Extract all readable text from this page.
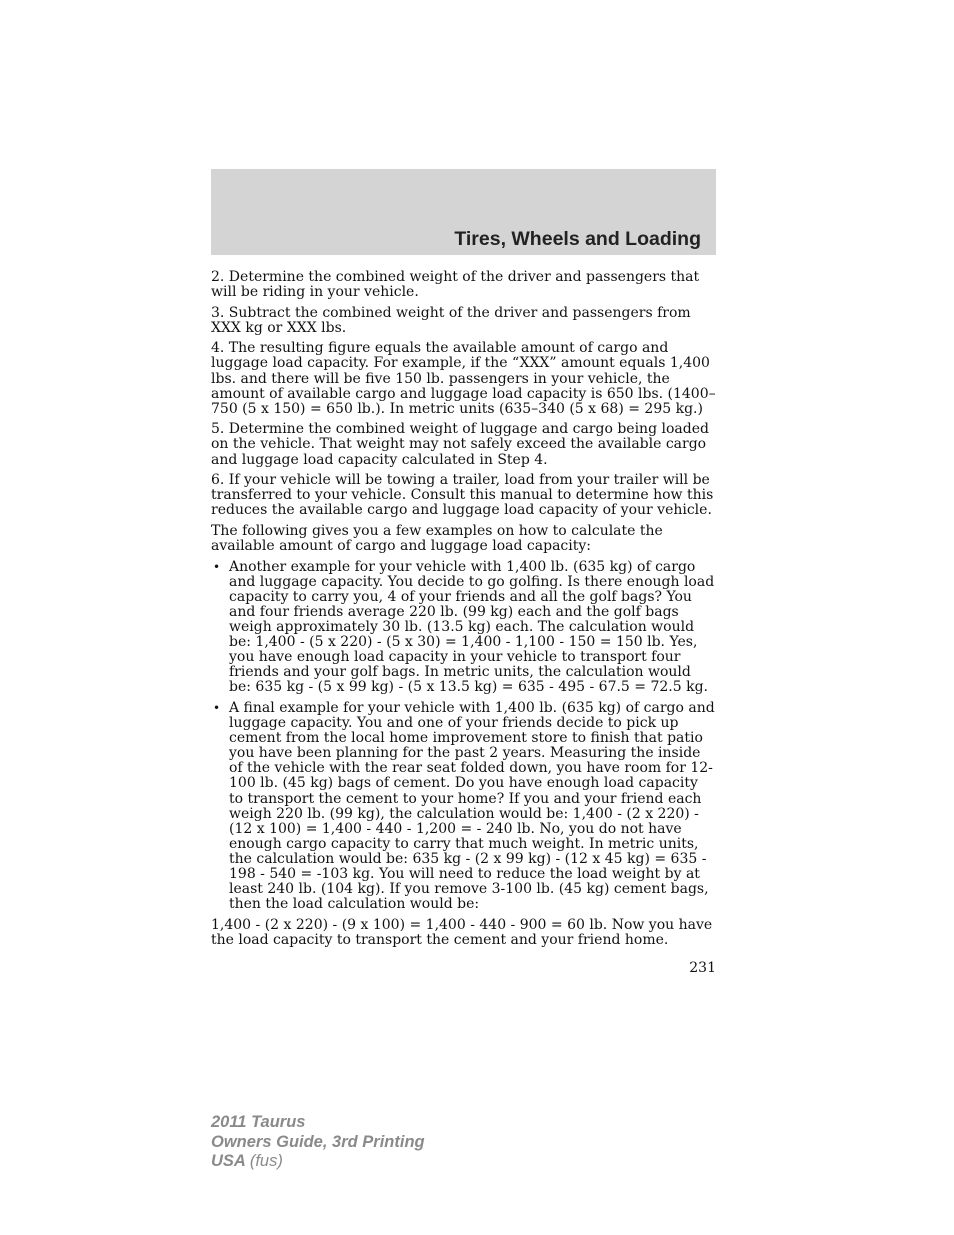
Tires, Wheels and Loading

2. Determine the combined weight of the driver and passengers that will be riding in your vehicle.

3. Subtract the combined weight of the driver and passengers from XXX kg or XXX lbs.

4. The resulting figure equals the available amount of cargo and luggage load capacity. For example, if the “XXX” amount equals 1,400 lbs. and there will be five 150 lb. passengers in your vehicle, the amount of available cargo and luggage load capacity is 650 lbs. (1400–750 (5 x 150) = 650 lb.). In metric units (635–340 (5 x 68) = 295 kg.)

5. Determine the combined weight of luggage and cargo being loaded on the vehicle. That weight may not safely exceed the available cargo and luggage load capacity calculated in Step 4.

6. If your vehicle will be towing a trailer, load from your trailer will be transferred to your vehicle. Consult this manual to determine how this reduces the available cargo and luggage load capacity of your vehicle.

The following gives you a few examples on how to calculate the available amount of cargo and luggage load capacity:

• Another example for your vehicle with 1,400 lb. (635 kg) of cargo and luggage capacity. You decide to go golfing. Is there enough load capacity to carry you, 4 of your friends and all the golf bags? You and four friends average 220 lb. (99 kg) each and the golf bags weigh approximately 30 lb. (13.5 kg) each. The calculation would be: 1,400 - (5 x 220) - (5 x 30) = 1,400 - 1,100 - 150 = 150 lb. Yes, you have enough load capacity in your vehicle to transport four friends and your golf bags. In metric units, the calculation would be: 635 kg - (5 x 99 kg) - (5 x 13.5 kg) = 635 - 495 - 67.5 = 72.5 kg.
• A final example for your vehicle with 1,400 lb. (635 kg) of cargo and luggage capacity. You and one of your friends decide to pick up cement from the local home improvement store to finish that patio you have been planning for the past 2 years. Measuring the inside of the vehicle with the rear seat folded down, you have room for 12-100 lb. (45 kg) bags of cement. Do you have enough load capacity to transport the cement to your home? If you and your friend each weigh 220 lb. (99 kg), the calculation would be: 1,400 - (2 x 220) - (12 x 100) = 1,400 - 440 - 1,200 = - 240 lb. No, you do not have enough cargo capacity to carry that much weight. In metric units, the calculation would be: 635 kg - (2 x 99 kg) - (12 x 45 kg) = 635 - 198 - 540 = -103 kg. You will need to reduce the load weight by at least 240 lb. (104 kg). If you remove 3-100 lb. (45 kg) cement bags, then the load calculation would be:

1,400 - (2 x 220) - (9 x 100) = 1,400 - 440 - 900 = 60 lb. Now you have the load capacity to transport the cement and your friend home.

231
2011 Taurus
Owners Guide, 3rd Printing
USA (fus)
